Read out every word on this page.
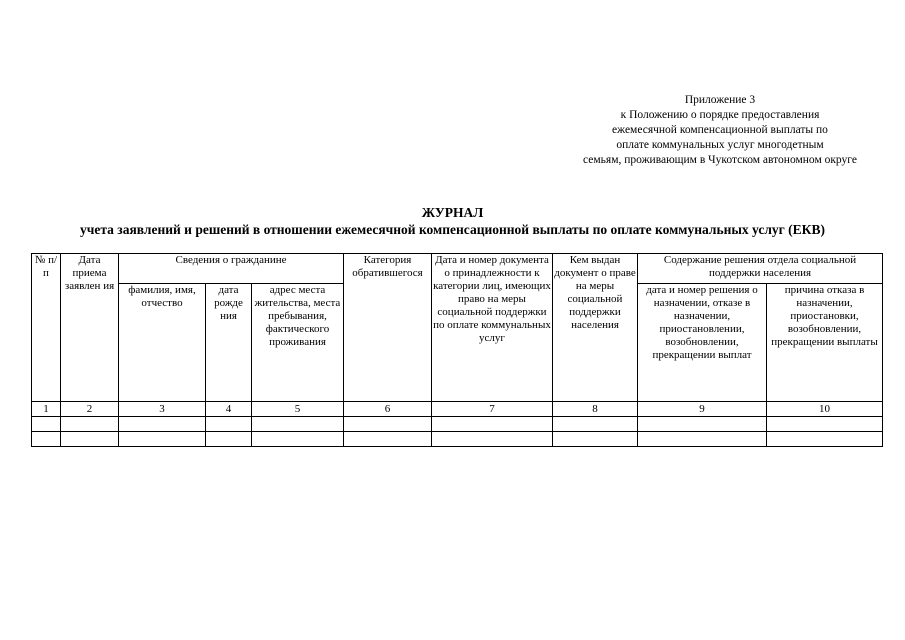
Приложение 3
к Положению о порядке предоставления
ежемесячной компенсационной выплаты по
оплате коммунальных услуг многодетным
семьям, проживающим в Чукотском автономном округе
ЖУРНАЛ
учета заявлений и решений в отношении ежемесячной компенсационной выплаты по оплате коммунальных услуг (ЕКВ)
№ п/п	Дата приема заявлен ия	Сведения о гражданине			Категория обратившегося	Дата и номер документа о принадлежности к категории лиц, имеющих право на меры социальной поддержки по оплате коммунальных услуг	Кем выдан документ о праве на меры социальной поддержки населения	Содержание решения отдела социальной поддержки населения	
		фамилия, имя, отчество	дата рожде ния	адрес места жительства, места пребывания, фактического проживания				дата и номер решения о назначении, отказе в назначении, приостановлении, возобновлении, прекращении выплат	причина отказа в назначении, приостановки, возобновлении, прекращении выплаты
1	2	3	4	5	6	7	8	9	10
